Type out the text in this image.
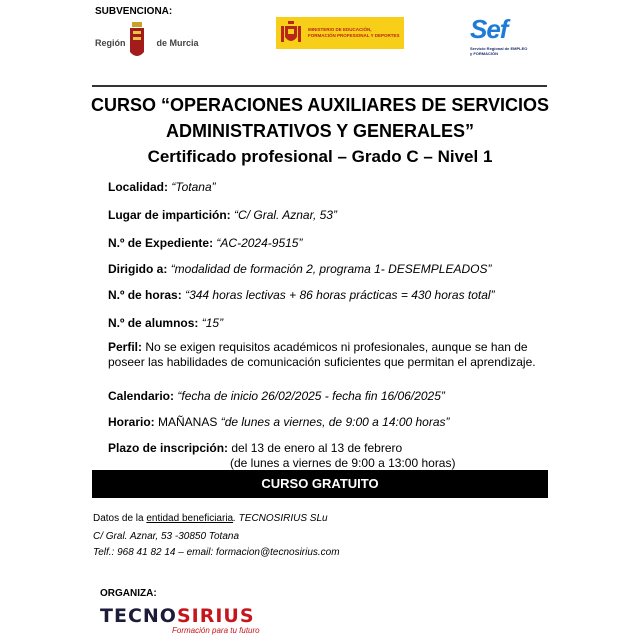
SUBVENCIONA:
Región	de Murcia
MINISTERIO DE EDUCACIÓN, FORMACIÓN PROFESIONAL Y DEPORTES	Sef
Servicio Regional de EMPLEO y FORMACIÓN
CURSO “OPERACIONES AUXILIARES DE SERVICIOS
ADMINISTRATIVOS Y GENERALES”
Certificado profesional – Grado C – Nivel 1
Localidad: “Totana”
Lugar de impartición: “C/ Gral. Aznar, 53”
N.º de Expediente: “AC-2024-9515”
Dirigido a: “modalidad de formación 2, programa 1- DESEMPLEADOS”
N.º de horas: “344 horas lectivas + 86 horas prácticas = 430 horas total”
N.º de alumnos: “15”
Perfil: No se exigen requisitos académicos ni profesionales, aunque se han de poseer las habilidades de comunicación suficientes que permitan el aprendizaje.
Calendario: “fecha de inicio 26/02/2025 - fecha fin 16/06/2025”
Horario: MAÑANAS “de lunes a viernes, de 9:00 a 14:00 horas”
Plazo de inscripción: del 13 de enero al 13 de febrero
(de lunes a viernes de 9:00 a 13:00 horas)
CURSO GRATUITO
Datos de la entidad beneficiaria. TECNOSIRIUS SLu
C/ Gral. Aznar, 53 -30850 Totana
Telf.: 968 41 82 14 – email: formacion@tecnosirius.com
ORGANIZA:
TECNOSIRIUS
Formación para tu futuro
